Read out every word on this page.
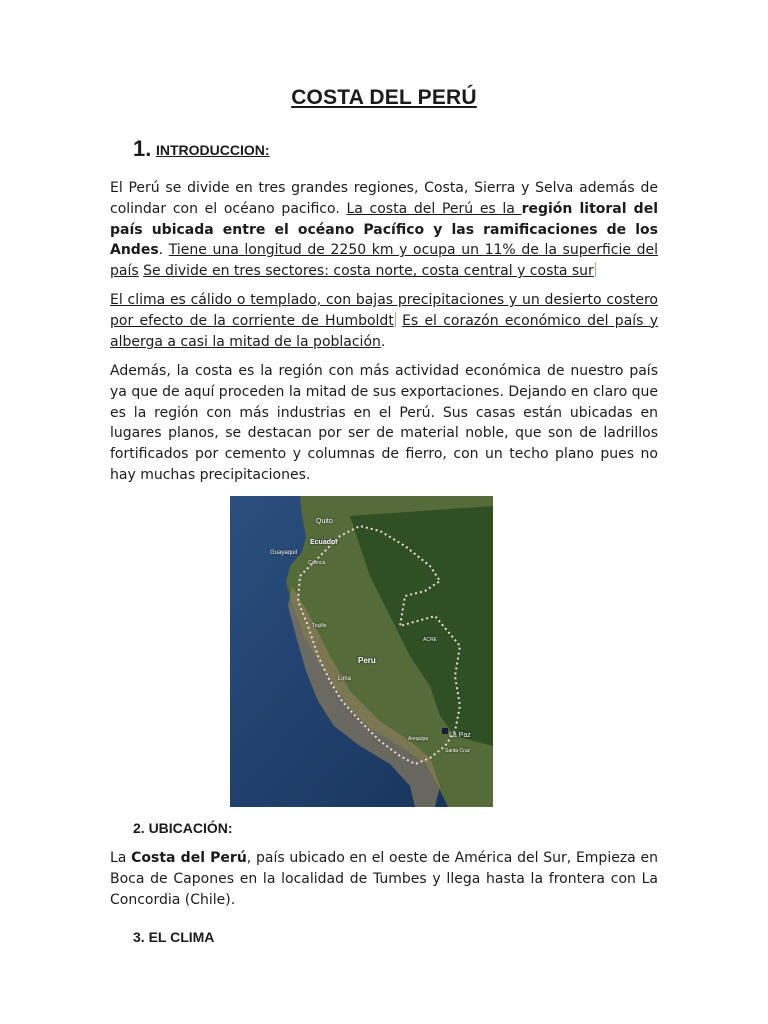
COSTA DEL PERÚ
1. INTRODUCCION:
El Perú se divide en tres grandes regiones, Costa, Sierra y Selva además de colindar con el océano pacifico. La costa del Perú es la región litoral del país ubicada entre el océano Pacífico y las ramificaciones de los Andes. Tiene una longitud de 2250 km y ocupa un 11% de la superficie del país Se divide en tres sectores: costa norte, costa central y costa sur
El clima es cálido o templado, con bajas precipitaciones y un desierto costero por efecto de la corriente de Humboldt Es el corazón económico del país y alberga a casi la mitad de la población.
Además, la costa es la región con más actividad económica de nuestro país ya que de aquí proceden la mitad de sus exportaciones. Dejando en claro que es la región con más industrias en el Perú. Sus casas están ubicadas en lugares planos, se destacan por ser de material noble, que son de ladrillos fortificados por cemento y columnas de fierro, con un techo plano pues no hay muchas precipitaciones.
Quito
Ecuador
Guayaquil
Cuenca
Trujillo
Peru
Lima
ACRE
La Paz
Arequipa
Santa Cruz
2. UBICACIÓN:
La Costa del Perú, país ubicado en el oeste de América del Sur, Empieza en Boca de Capones en la localidad de Tumbes y llega hasta la frontera con La Concordia (Chile).
3. EL CLIMA
